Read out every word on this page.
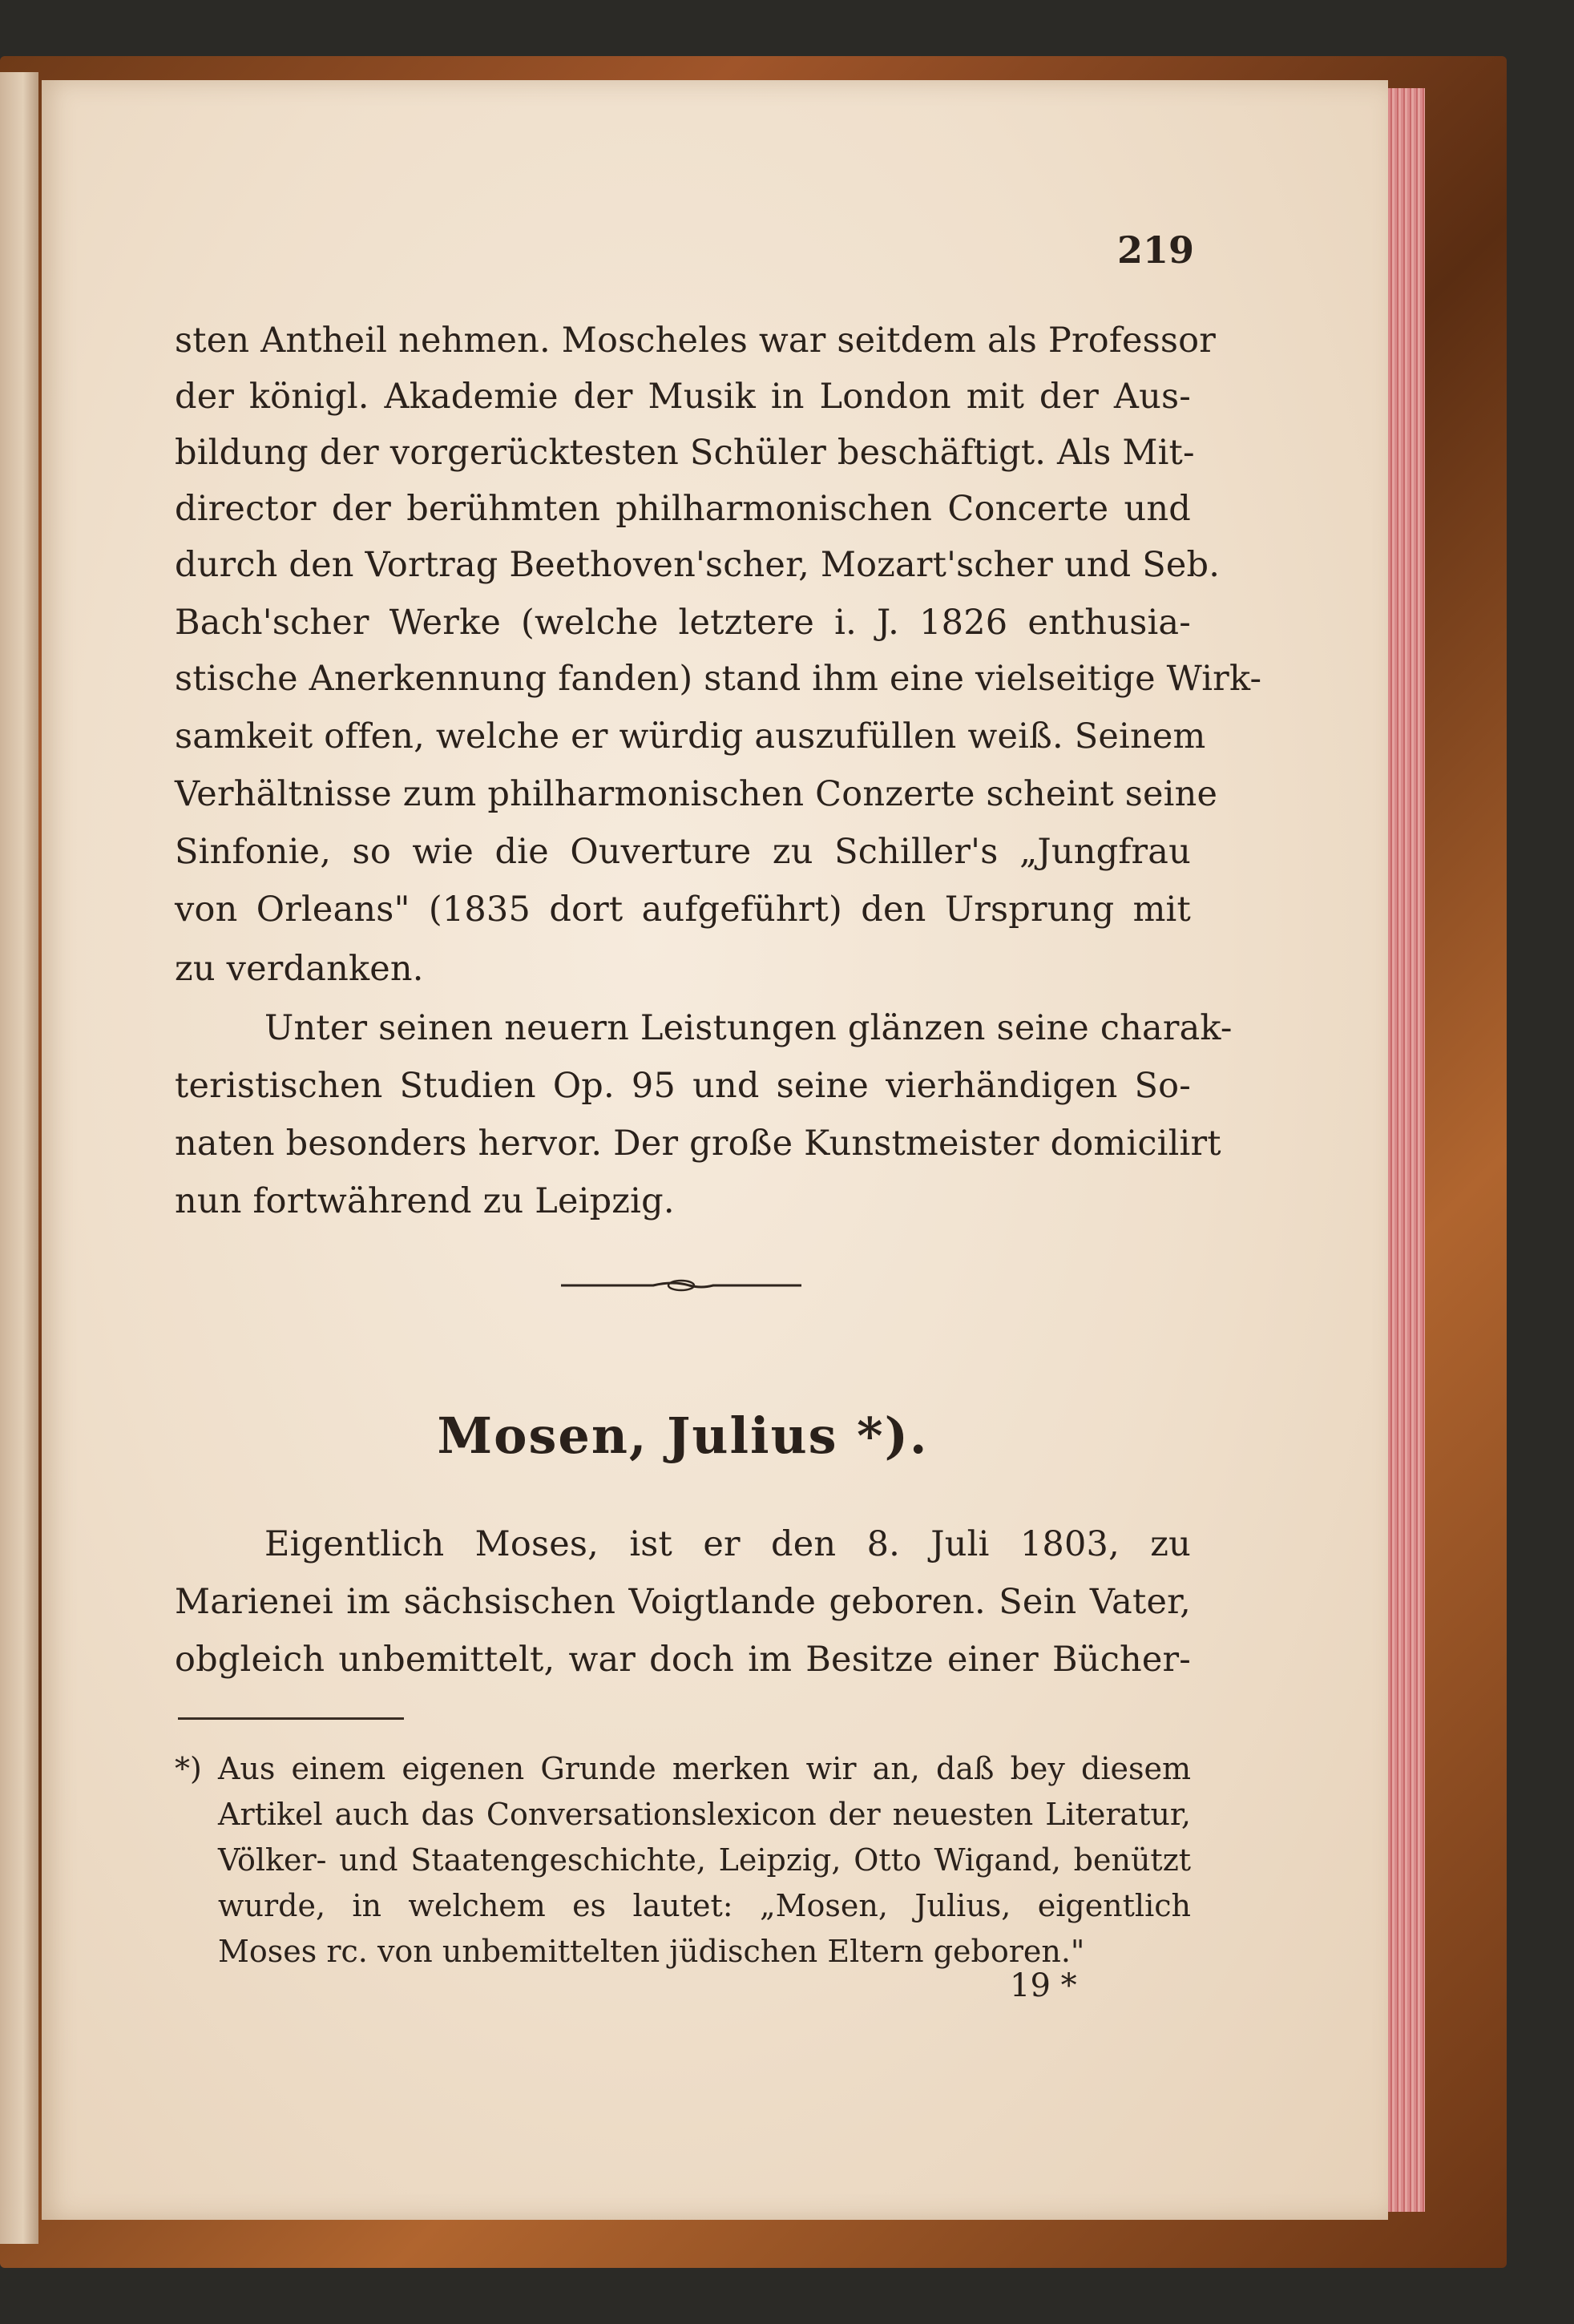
219
sten Antheil nehmen. Moscheles war seitdem als Professor
der königl. Akademie der Musik in London mit der Aus-
bildung der vorgerücktesten Schüler beschäftigt. Als Mit-
director der berühmten philharmonischen Concerte und
durch den Vortrag Beethoven'scher, Mozart'scher und Seb.
Bach'scher Werke (welche letztere i. J. 1826 enthusia-
stische Anerkennung fanden) stand ihm eine vielseitige Wirk-
samkeit offen, welche er würdig auszufüllen weiß. Seinem
Verhältnisse zum philharmonischen Conzerte scheint seine
Sinfonie, so wie die Ouverture zu Schiller's „Jungfrau
von Orleans" (1835 dort aufgeführt) den Ursprung mit
zu verdanken.
Unter seinen neuern Leistungen glänzen seine charak-
teristischen Studien Op. 95 und seine vierhändigen So-
naten besonders hervor. Der große Kunstmeister domicilirt
nun fortwährend zu Leipzig.
Mosen, Julius *).
Eigentlich Moses, ist er den 8. Juli 1803, zu
Marienei im sächsischen Voigtlande geboren. Sein Vater,
obgleich unbemittelt, war doch im Besitze einer Bücher-
*) Aus einem eigenen Grunde merken wir an, daß bey diesem
Artikel auch das Conversationslexicon der neuesten Literatur,
Völker- und Staatengeschichte, Leipzig, Otto Wigand, benützt
wurde, in welchem es lautet: „Mosen, Julius, eigentlich
Moses rc. von unbemittelten jüdischen Eltern geboren."
19 *
